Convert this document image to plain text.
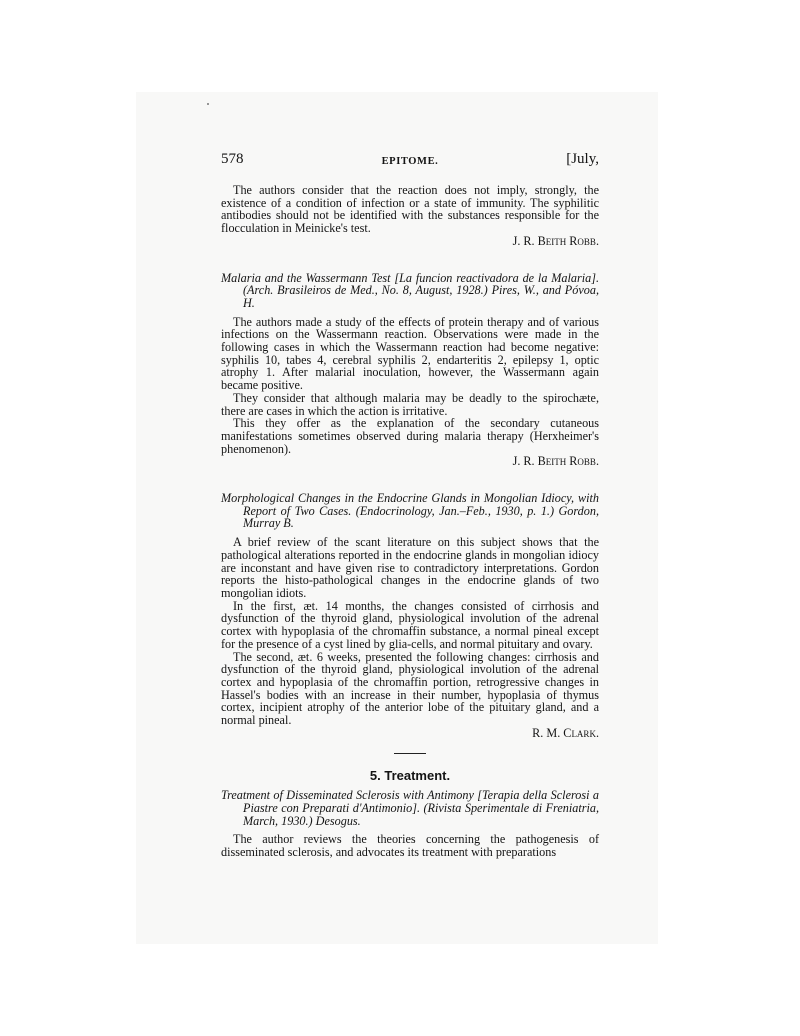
578	EPITOME.	[July,

The authors consider that the reaction does not imply, strongly, the existence of a condition of infection or a state of immunity. The syphilitic antibodies should not be identified with the substances responsible for the flocculation in Meinicke's test.

J. R. Beith Robb.

Malaria and the Wassermann Test [La funcion reactivadora de la Malaria]. (Arch. Brasileiros de Med., No. 8, August, 1928.) Pires, W., and Póvoa, H.

The authors made a study of the effects of protein therapy and of various infections on the Wassermann reaction. Observations were made in the following cases in which the Wassermann reaction had become negative: syphilis 10, tabes 4, cerebral syphilis 2, endarteritis 2, epilepsy 1, optic atrophy 1. After malarial inoculation, however, the Wassermann again became positive.

They consider that although malaria may be deadly to the spirochæte, there are cases in which the action is irritative.

This they offer as the explanation of the secondary cutaneous manifestations sometimes observed during malaria therapy (Herxheimer's phenomenon).

J. R. Beith Robb.

Morphological Changes in the Endocrine Glands in Mongolian Idiocy, with Report of Two Cases. (Endocrinology, Jan.–Feb., 1930, p. 1.) Gordon, Murray B.

A brief review of the scant literature on this subject shows that the pathological alterations reported in the endocrine glands in mongolian idiocy are inconstant and have given rise to contradictory interpretations. Gordon reports the histo-pathological changes in the endocrine glands of two mongolian idiots.

In the first, æt. 14 months, the changes consisted of cirrhosis and dysfunction of the thyroid gland, physiological involution of the adrenal cortex with hypoplasia of the chromaffin substance, a normal pineal except for the presence of a cyst lined by glia-cells, and normal pituitary and ovary.

The second, æt. 6 weeks, presented the following changes: cirrhosis and dysfunction of the thyroid gland, physiological involution of the adrenal cortex and hypoplasia of the chromaffin portion, retrogressive changes in Hassel's bodies with an increase in their number, hypoplasia of thymus cortex, incipient atrophy of the anterior lobe of the pituitary gland, and a normal pineal.

R. M. Clark.

5. Treatment.

Treatment of Disseminated Sclerosis with Antimony [Terapia della Sclerosi a Piastre con Preparati d'Antimonio]. (Rivista Sperimentale di Freniatria, March, 1930.) Desogus.

The author reviews the theories concerning the pathogenesis of disseminated sclerosis, and advocates its treatment with preparations
